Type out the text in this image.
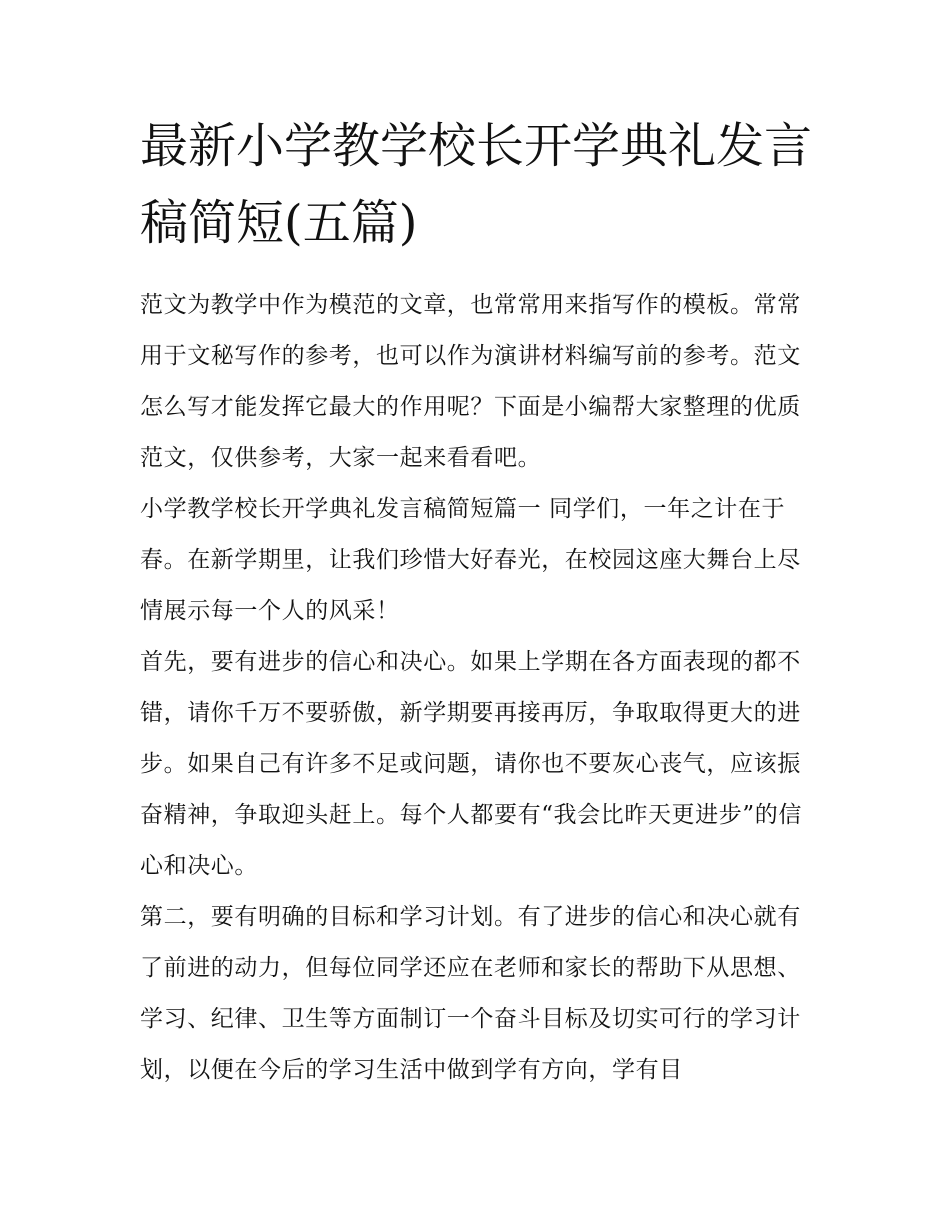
最新小学教学校长开学典礼发言稿简短(五篇)

范文为教学中作为模范的文章，也常常用来指写作的模板。常常用于文秘写作的参考，也可以作为演讲材料编写前的参考。范文怎么写才能发挥它最大的作用呢？下面是小编帮大家整理的优质范文，仅供参考，大家一起来看看吧。

小学教学校长开学典礼发言稿简短篇一 同学们，一年之计在于春。在新学期里，让我们珍惜大好春光，在校园这座大舞台上尽情展示每一个人的风采！

首先，要有进步的信心和决心。如果上学期在各方面表现的都不错，请你千万不要骄傲，新学期要再接再厉，争取取得更大的进步。如果自己有许多不足或问题，请你也不要灰心丧气，应该振奋精神，争取迎头赶上。每个人都要有“我会比昨天更进步”的信心和决心。

第二，要有明确的目标和学习计划。有了进步的信心和决心就有了前进的动力，但每位同学还应在老师和家长的帮助下从思想、学习、纪律、卫生等方面制订一个奋斗目标及切实可行的学习计划，以便在今后的学习生活中做到学有方向，学有目
